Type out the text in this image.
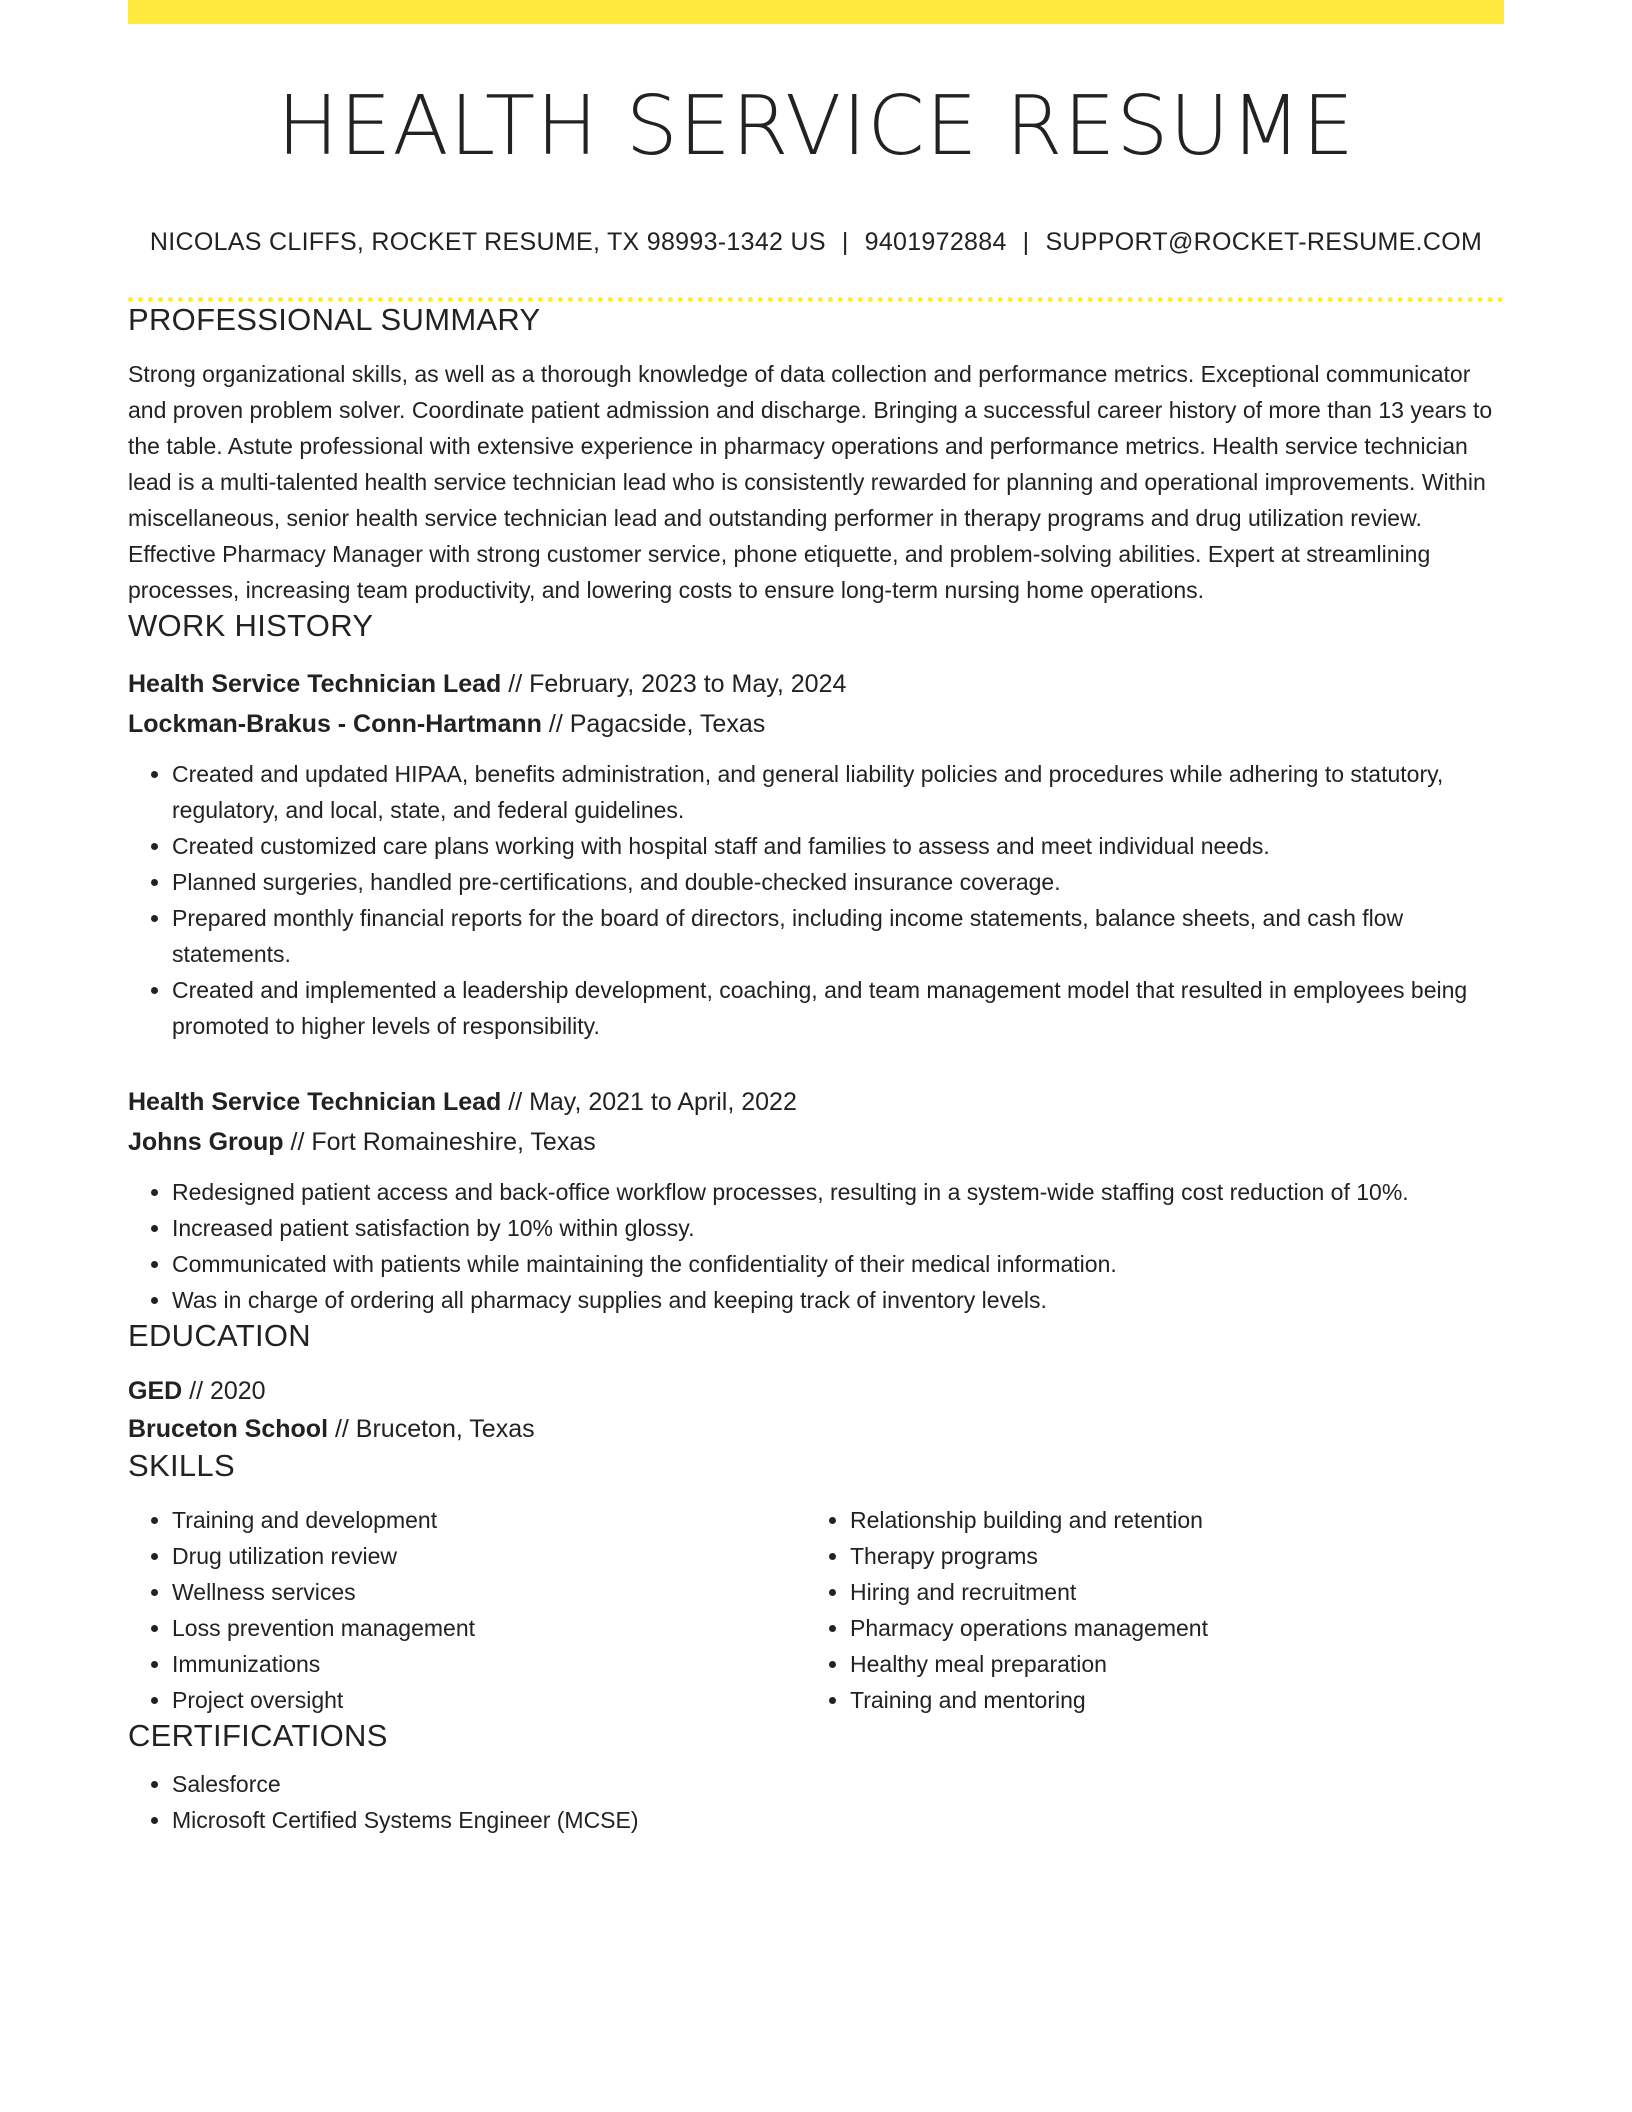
HEALTH SERVICE RESUME
NICOLAS CLIFFS, ROCKET RESUME, TX 98993-1342 US | 9401972884 | SUPPORT@ROCKET-RESUME.COM
PROFESSIONAL SUMMARY
Strong organizational skills, as well as a thorough knowledge of data collection and performance metrics. Exceptional communicator and proven problem solver. Coordinate patient admission and discharge. Bringing a successful career history of more than 13 years to the table. Astute professional with extensive experience in pharmacy operations and performance metrics. Health service technician lead is a multi-talented health service technician lead who is consistently rewarded for planning and operational improvements. Within miscellaneous, senior health service technician lead and outstanding performer in therapy programs and drug utilization review. Effective Pharmacy Manager with strong customer service, phone etiquette, and problem-solving abilities. Expert at streamlining processes, increasing team productivity, and lowering costs to ensure long-term nursing home operations.
WORK HISTORY
Health Service Technician Lead // February, 2023 to May, 2024
Lockman-Brakus - Conn-Hartmann // Pagacside, Texas
• Created and updated HIPAA, benefits administration, and general liability policies and procedures while adhering to statutory, regulatory, and local, state, and federal guidelines.
• Created customized care plans working with hospital staff and families to assess and meet individual needs.
• Planned surgeries, handled pre-certifications, and double-checked insurance coverage.
• Prepared monthly financial reports for the board of directors, including income statements, balance sheets, and cash flow statements.
• Created and implemented a leadership development, coaching, and team management model that resulted in employees being promoted to higher levels of responsibility.
Health Service Technician Lead // May, 2021 to April, 2022
Johns Group // Fort Romaineshire, Texas
• Redesigned patient access and back-office workflow processes, resulting in a system-wide staffing cost reduction of 10%.
• Increased patient satisfaction by 10% within glossy.
• Communicated with patients while maintaining the confidentiality of their medical information.
• Was in charge of ordering all pharmacy supplies and keeping track of inventory levels.
EDUCATION
GED // 2020
Bruceton School // Bruceton, Texas
SKILLS
• Training and development
• Drug utilization review
• Wellness services
• Loss prevention management
• Immunizations
• Project oversight
• Relationship building and retention
• Therapy programs
• Hiring and recruitment
• Pharmacy operations management
• Healthy meal preparation
• Training and mentoring
CERTIFICATIONS
• Salesforce
• Microsoft Certified Systems Engineer (MCSE)
